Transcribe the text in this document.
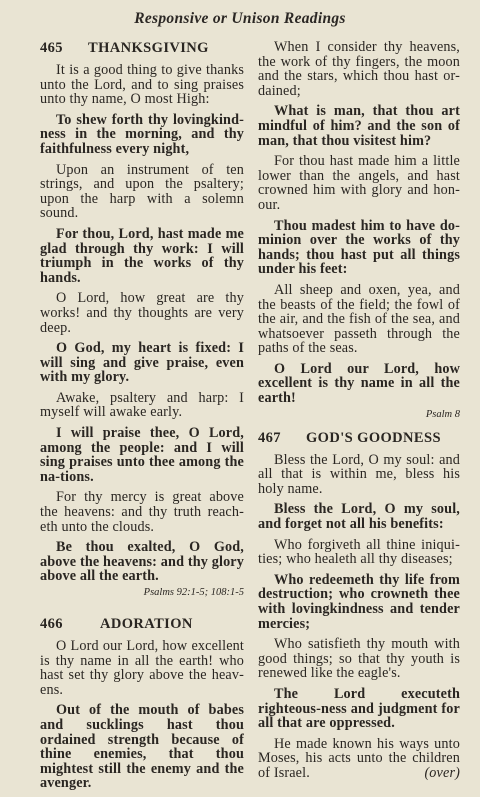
Responsive or Unison Readings
465	THANKSGIVING

It is a good thing to give thanks unto the Lord, and to sing praises unto thy name, O most High:

To shew forth thy lovingkind-ness in the morning, and thy faithfulness every night,

Upon an instrument of ten strings, and upon the psaltery; upon the harp with a solemn sound.

For thou, Lord, hast made me glad through thy work: I will triumph in the works of thy hands.

O Lord, how great are thy works! and thy thoughts are very deep.

O God, my heart is fixed: I will sing and give praise, even with my glory.

Awake, psaltery and harp: I myself will awake early.

I will praise thee, O Lord, among the people: and I will sing praises unto thee among the na-tions.

For thy mercy is great above the heavens: and thy truth reach-eth unto the clouds.

Be thou exalted, O God, above the heavens: and thy glory above all the earth.

Psalms 92:1-5; 108:1-5
466	ADORATION

O Lord our Lord, how excellent is thy name in all the earth! who hast set thy glory above the heav-ens.

Out of the mouth of babes and sucklings hast thou ordained strength because of thine enemies, that thou mightest still the enemy and the avenger.

When I consider thy heavens, the work of thy fingers, the moon and the stars, which thou hast or-dained;

What is man, that thou art mindful of him? and the son of man, that thou visitest him?

For thou hast made him a little lower than the angels, and hast crowned him with glory and hon-our.

Thou madest him to have do-minion over the works of thy hands; thou hast put all things under his feet:

All sheep and oxen, yea, and the beasts of the field; the fowl of the air, and the fish of the sea, and whatsoever passeth through the paths of the seas.

O Lord our Lord, how excellent is thy name in all the earth!

Psalm 8
467	GOD'S GOODNESS

Bless the Lord, O my soul: and all that is within me, bless his holy name.

Bless the Lord, O my soul, and forget not all his benefits:

Who forgiveth all thine iniqui-ties; who healeth all thy diseases;

Who redeemeth thy life from destruction; who crowneth thee with lovingkindness and tender mercies;

Who satisfieth thy mouth with good things; so that thy youth is renewed like the eagle's.

The Lord executeth righteous-ness and judgment for all that are oppressed.

He made known his ways unto Moses, his acts unto the children of Israel.	(over)
